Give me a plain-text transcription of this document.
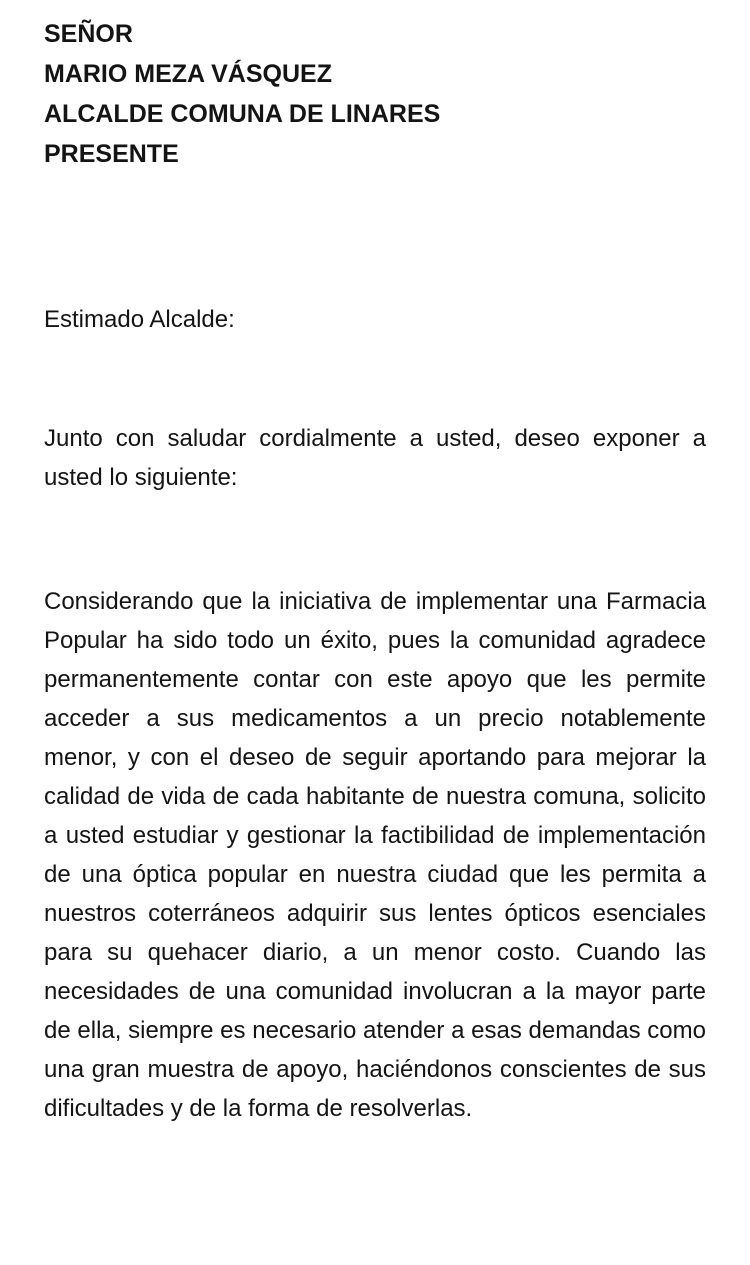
SEÑOR
MARIO MEZA VÁSQUEZ
ALCALDE COMUNA DE LINARES
PRESENTE

Estimado Alcalde:

Junto con saludar cordialmente a usted, deseo exponer a usted lo siguiente:

Considerando que la iniciativa de implementar una Farmacia Popular ha sido todo un éxito, pues la comunidad agradece permanentemente contar con este apoyo que les permite acceder a sus medicamentos a un precio notablemente menor, y con el deseo de seguir aportando para mejorar la calidad de vida de cada habitante de nuestra comuna, solicito a usted estudiar y gestionar la factibilidad de implementación de una óptica popular en nuestra ciudad que les permita a nuestros coterráneos adquirir sus lentes ópticos esenciales para su quehacer diario, a un menor costo. Cuando las necesidades de una comunidad involucran a la mayor parte de ella, siempre es necesario atender a esas demandas como una gran muestra de apoyo, haciéndonos conscientes de sus dificultades y de la forma de resolverlas.
